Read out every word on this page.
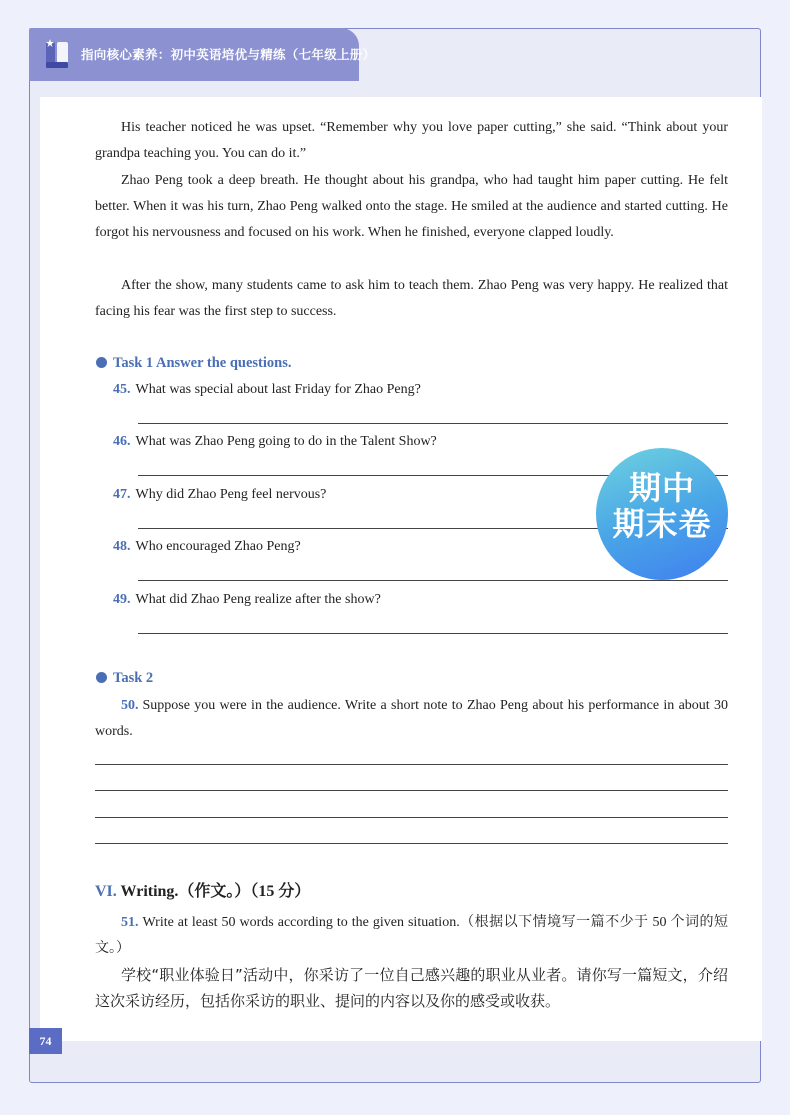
指向核心素养：初中英语培优与精练（七年级上册）

His teacher noticed he was upset. “Remember why you love paper cutting,” she said. “Think about your grandpa teaching you. You can do it.”

Zhao Peng took a deep breath. He thought about his grandpa, who had taught him paper cutting. He felt better. When it was his turn, Zhao Peng walked onto the stage. He smiled at the audience and started cutting. He forgot his nervousness and focused on his work. When he finished, everyone clapped loudly.

After the show, many students came to ask him to teach them. Zhao Peng was very happy. He realized that facing his fear was the first step to success.

Task 1 Answer the questions.
45. What was special about last Friday for Zhao Peng?
46. What was Zhao Peng going to do in the Talent Show?
47. Why did Zhao Peng feel nervous?
48. Who encouraged Zhao Peng?
49. What did Zhao Peng realize after the show?
期中
期末卷
Task 2

50. Suppose you were in the audience. Write a short note to Zhao Peng about his performance in about 30 words.

VI. Writing.（作文。）（15 分）

51. Write at least 50 words according to the given situation.（根据以下情境写一篇不少于 50 个词的短文。）

学校“职业体验日”活动中，你采访了一位自己感兴趣的职业从业者。请你写一篇短文，介绍这次采访经历，包括你采访的职业、提问的内容以及你的感受或收获。

74
